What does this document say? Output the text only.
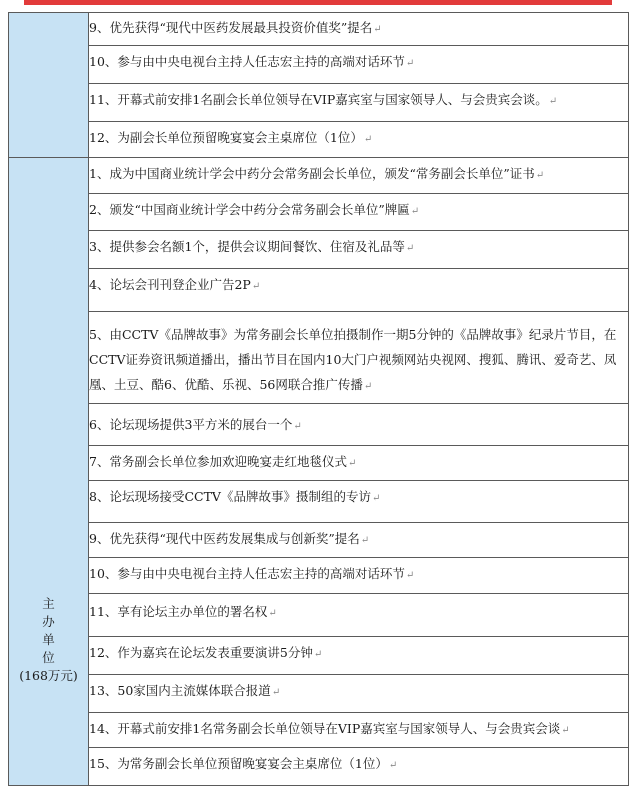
主
办
单
位
(168万元)
9、优先获得“现代中医药发展最具投资价值奖”提名↵
10、参与由中央电视台主持人任志宏主持的高端对话环节↵
11、开幕式前安排1名副会长单位领导在VIP嘉宾室与国家领导人、与会贵宾会谈。↵
12、为副会长单位预留晚宴宴会主桌席位（1位）↵
1、成为中国商业统计学会中药分会常务副会长单位，颁发“常务副会长单位”证书↵
2、颁发“中国商业统计学会中药分会常务副会长单位”牌匾↵
3、提供参会名额1个，提供会议期间餐饮、住宿及礼品等↵
4、论坛会刊刊登企业广告2P↵
5、由CCTV《品牌故事》为常务副会长单位拍摄制作一期5分钟的《品牌故事》纪录片节目，在CCTV证券资讯频道播出，播出节目在国内10大门户视频网站央视网、搜狐、腾讯、爱奇艺、凤凰、土豆、酷6、优酷、乐视、56网联合推广传播↵
6、论坛现场提供3平方米的展台一个↵
7、常务副会长单位参加欢迎晚宴走红地毯仪式↵
8、论坛现场接受CCTV《品牌故事》摄制组的专访↵
9、优先获得“现代中医药发展集成与创新奖”提名↵
10、参与由中央电视台主持人任志宏主持的高端对话环节↵
11、享有论坛主办单位的署名权↵
12、作为嘉宾在论坛发表重要演讲5分钟↵
13、50家国内主流媒体联合报道↵
14、开幕式前安排1名常务副会长单位领导在VIP嘉宾室与国家领导人、与会贵宾会谈↵
15、为常务副会长单位预留晚宴宴会主桌席位（1位）↵
